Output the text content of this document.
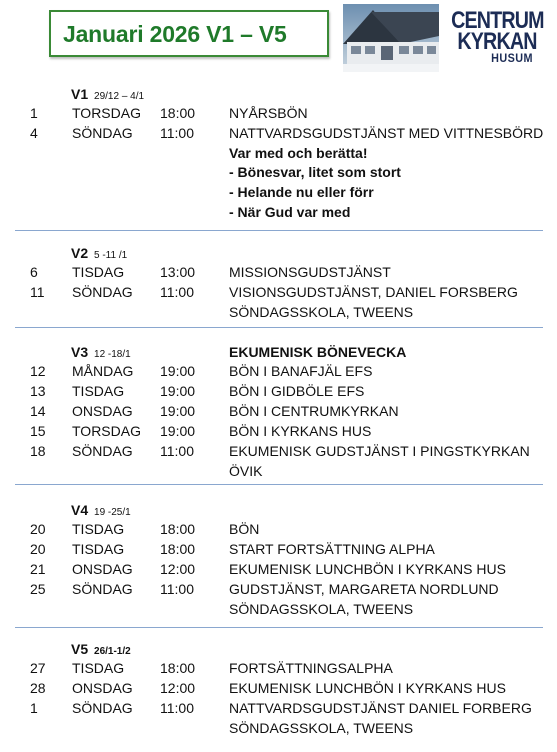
Januari 2026 V1 – V5	CENTRUM
KYRKAN
HUSUM
V1 29/12 – 4/1
1 TORSDAG 18:00 NYÅRSBÖN
4 SÖNDAG 11:00	NATTVARDSGUDSTJÄNST MED VITTNESBÖRD
Var med och berätta!
- Bönesvar, litet som stort
- Helande nu eller förr
- När Gud var med
V2 5 -11 /1
6 TISDAG	13:00 MISSIONSGUDSTJÄNST
11 SÖNDAG 11:00	VISIONSGUDSTJÄNST, DANIEL FORSBERG
SÖNDAGSSKOLA, TWEENS
V3 12 -18/1	EKUMENISK BÖNEVECKA
12 MÅNDAG 19:00 BÖN I BANAFJÄL EFS
13 TISDAG	19:00 BÖN I GIDBÖLE EFS
14 ONSDAG 19:00 BÖN I CENTRUMKYRKAN
15 TORSDAG 19:00 BÖN I KYRKANS HUS
18 SÖNDAG 11:00	EKUMENISK GUDSTJÄNST I PINGSTKYRKAN
ÖVIK
V4 19 -25/1
20 TISDAG	18:00 BÖN
20 TISDAG	18:00 START FORTSÄTTNING ALPHA
21 ONSDAG 12:00 EKUMENISK LUNCHBÖN I KYRKANS HUS
25 SÖNDAG 11:00	GUDSTJÄNST, MARGARETA NORDLUND
SÖNDAGSSKOLA, TWEENS
V5 26/1-1/2
27 TISDAG	18:00 FORTSÄTTNINGSALPHA
28 ONSDAG 12:00 EKUMENISK LUNCHBÖN I KYRKANS HUS
1 SÖNDAG 11:00	NATTVARDSGUDSTJÄNST DANIEL FORBERG
SÖNDAGSSKOLA, TWEENS
